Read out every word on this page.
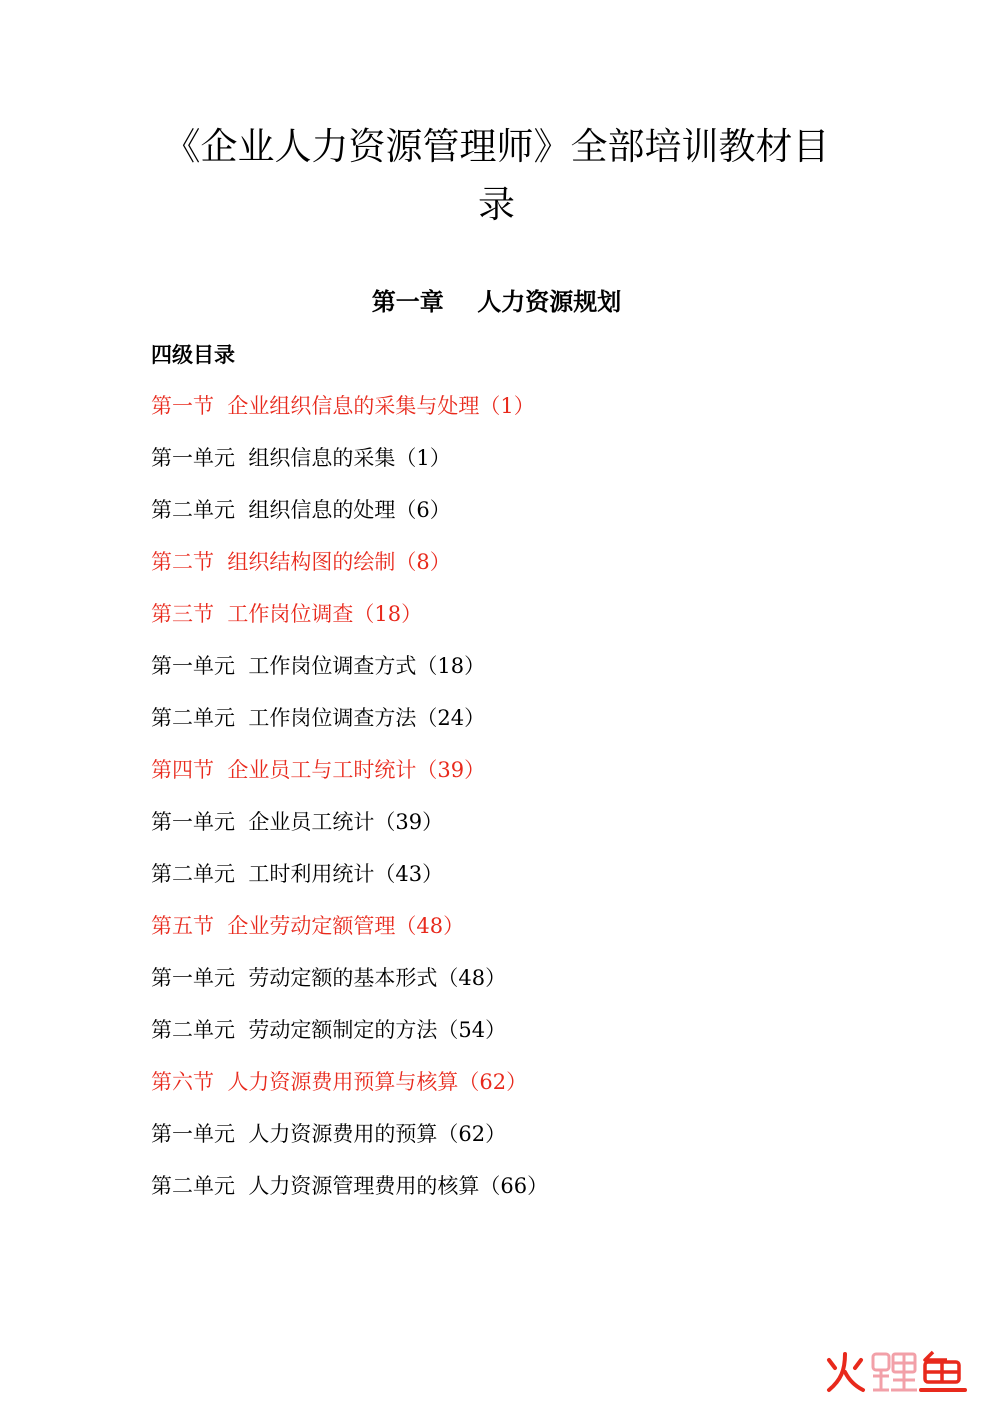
《企业人力资源管理师》全部培训教材目录
第一章    人力资源规划
四级目录
第一节  企业组织信息的采集与处理（1）
第一单元  组织信息的采集（1）
第二单元  组织信息的处理（6）
第二节  组织结构图的绘制（8）
第三节  工作岗位调查（18）
第一单元  工作岗位调查方式（18）
第二单元  工作岗位调查方法（24）
第四节  企业员工与工时统计（39）
第一单元  企业员工统计（39）
第二单元  工时利用统计（43）
第五节  企业劳动定额管理（48）
第一单元  劳动定额的基本形式（48）
第二单元  劳动定额制定的方法（54）
第六节  人力资源费用预算与核算（62）
第一单元  人力资源费用的预算（62）
第二单元  人力资源管理费用的核算（66）
